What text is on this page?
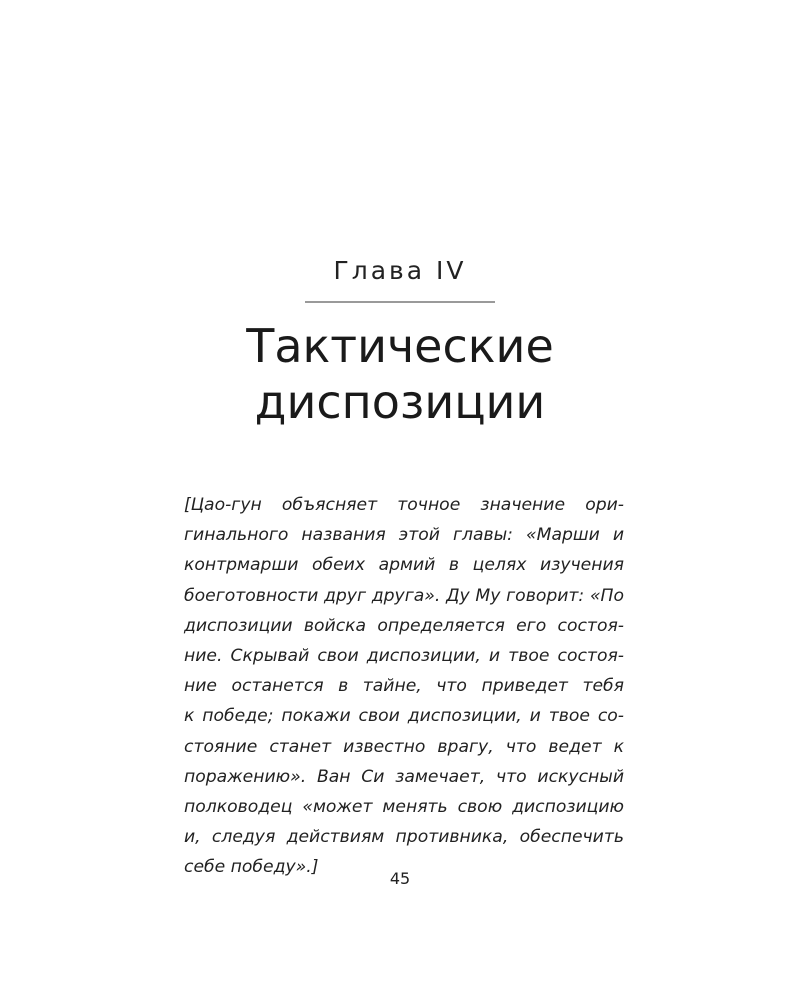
Глава IV
Тактические
диспозиции
[Цао-гун объясняет точное значение ори-
гинального названия этой главы: «Марши и
контрмарши обеих армий в целях изучения
боеготовности друг друга». Ду Му говорит: «По
диспозиции войска определяется его состоя-
ние. Скрывай свои диспозиции, и твое состоя-
ние останется в тайне, что приведет тебя
к победе; покажи свои диспозиции, и твое со-
стояние станет известно врагу, что ведет к
поражению». Ван Си замечает, что искусный
полководец «может менять свою диспозицию
и, следуя действиям противника, обеспечить
себе победу».]
45
